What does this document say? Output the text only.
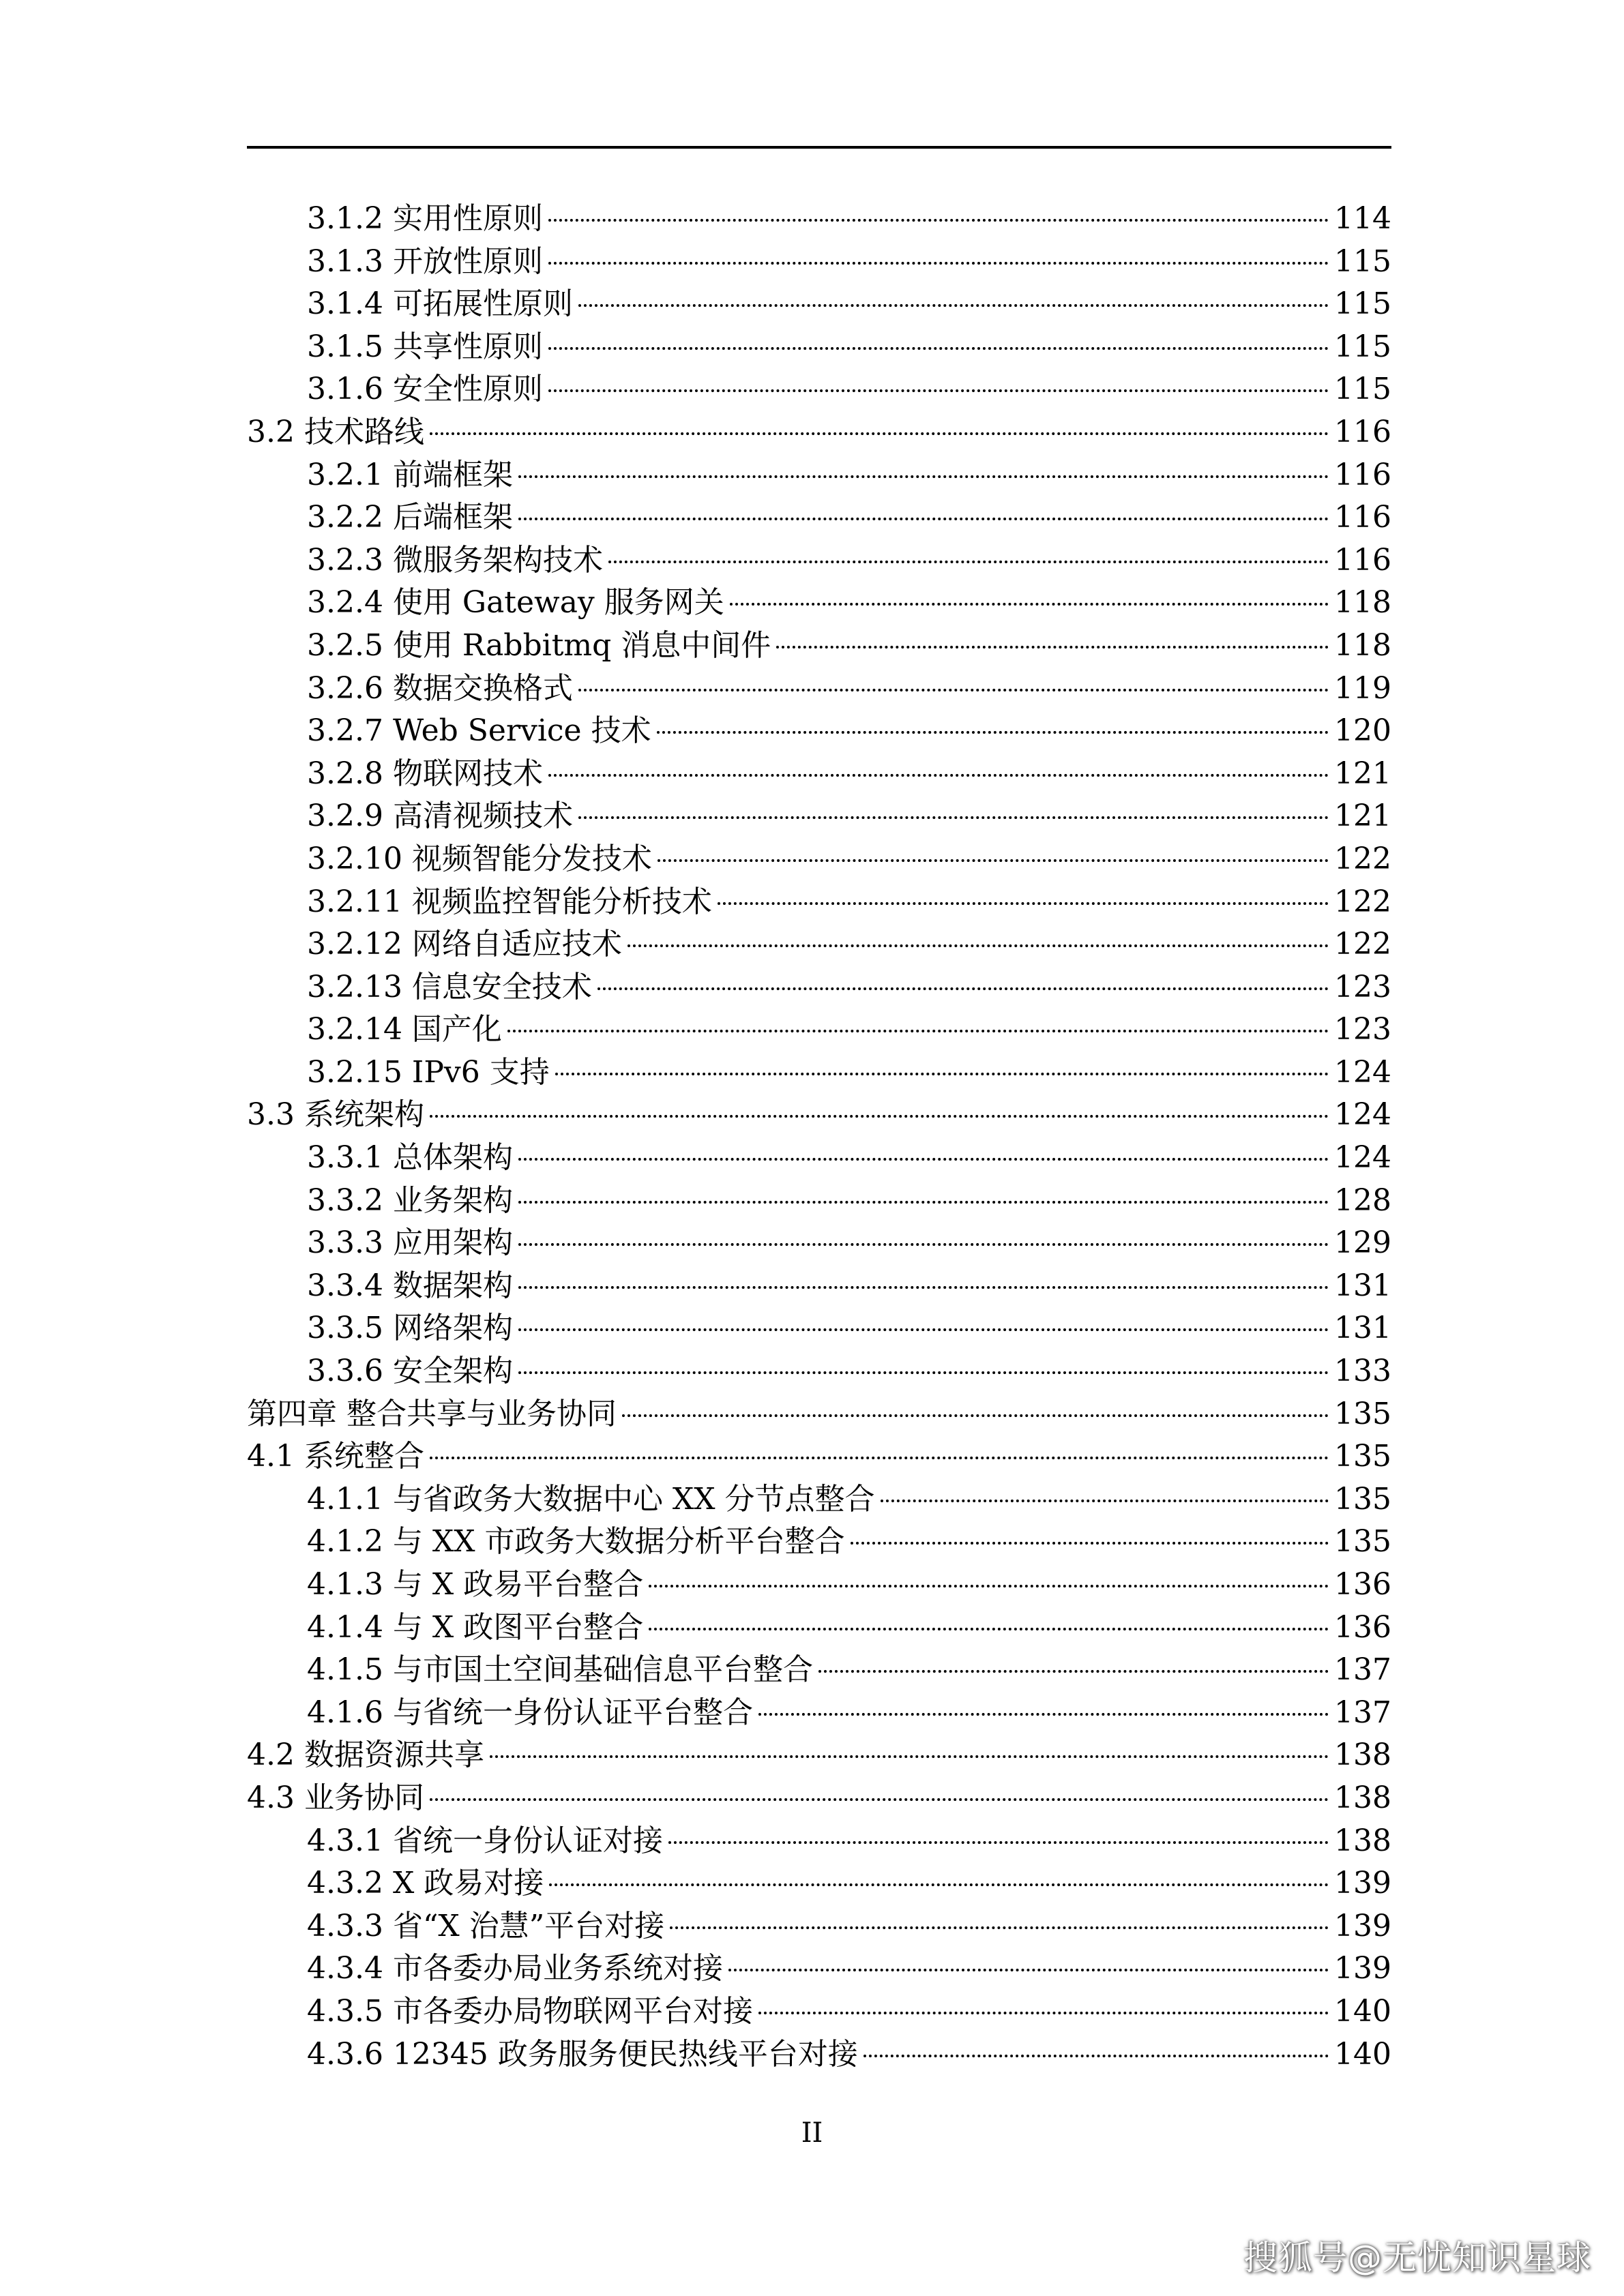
3.1.2 实用性原则	114
3.1.3 开放性原则	115
3.1.4 可拓展性原则	115
3.1.5 共享性原则	115
3.1.6 安全性原则	115
3.2 技术路线	116
3.2.1 前端框架	116
3.2.2 后端框架	116
3.2.3 微服务架构技术	116
3.2.4 使用 Gateway 服务网关	118
3.2.5 使用 Rabbitmq 消息中间件	118
3.2.6 数据交换格式	119
3.2.7 Web Service 技术	120
3.2.8 物联网技术	121
3.2.9 高清视频技术	121
3.2.10 视频智能分发技术	122
3.2.11 视频监控智能分析技术	122
3.2.12 网络自适应技术	122
3.2.13 信息安全技术	123
3.2.14 国产化	123
3.2.15 IPv6 支持	124
3.3 系统架构	124
3.3.1 总体架构	124
3.3.2 业务架构	128
3.3.3 应用架构	129
3.3.4 数据架构	131
3.3.5 网络架构	131
3.3.6 安全架构	133
第四章 整合共享与业务协同	135
4.1 系统整合	135
4.1.1 与省政务大数据中心 XX 分节点整合	135
4.1.2 与 XX 市政务大数据分析平台整合	135
4.1.3 与 X 政易平台整合	136
4.1.4 与 X 政图平台整合	136
4.1.5 与市国土空间基础信息平台整合	137
4.1.6 与省统一身份认证平台整合	137
4.2 数据资源共享	138
4.3 业务协同	138
4.3.1 省统一身份认证对接	138
4.3.2 X 政易对接	139
4.3.3 省“X 治慧”平台对接	139
4.3.4 市各委办局业务系统对接	139
4.3.5 市各委办局物联网平台对接	140
4.3.6 12345 政务服务便民热线平台对接	140
II
搜狐号@无忧知识星球
